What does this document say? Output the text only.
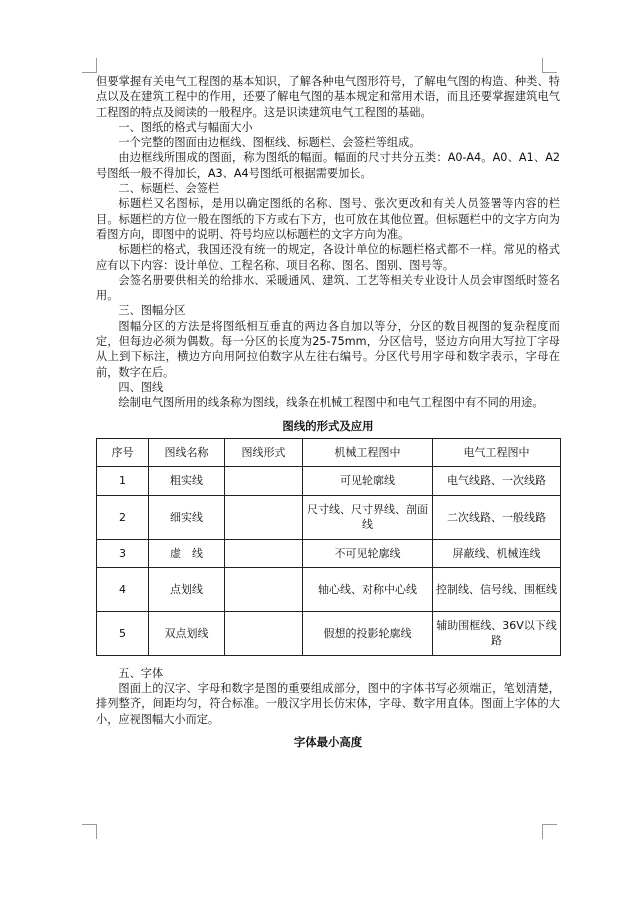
但要掌握有关电气工程图的基本知识，了解各种电气图形符号，了解电气图的构造、种类、特点以及在建筑工程中的作用，还要了解电气图的基本规定和常用术语，而且还要掌握建筑电气工程图的特点及阅读的一般程序。这是识读建筑电气工程图的基础。

一、图纸的格式与幅面大小

一个完整的图面由边框线、图框线、标题栏、会签栏等组成。

由边框线所围成的图面，称为图纸的幅面。幅面的尺寸共分五类：A0-A4。A0、A1、A2号图纸一般不得加长，A3、A4号图纸可根据需要加长。

二、标题栏、会签栏

标题栏又名图标，是用以确定图纸的名称、图号、张次更改和有关人员签署等内容的栏目。标题栏的方位一般在图纸的下方或右下方，也可放在其他位置。但标题栏中的文字方向为看图方向，即图中的说明、符号均应以标题栏的文字方向为准。

标题栏的格式，我国还没有统一的规定，各设计单位的标题栏格式都不一样。常见的格式应有以下内容：设计单位、工程名称、项目名称、图名、图别、图号等。

会签名册要供相关的给排水、采暖通风、建筑、工艺等相关专业设计人员会审图纸时签名用。

三、图幅分区

图幅分区的方法是将图纸相互垂直的两边各自加以等分，分区的数目视图的复杂程度而定，但每边必须为偶数。每一分区的长度为25-75mm，分区信号，竖边方向用大写拉丁字母从上到下标注，横边方向用阿拉伯数字从左往右编号。分区代号用字母和数字表示，字母在前，数字在后。

四、图线

绘制电气图所用的线条称为图线，线条在机械工程图中和电气工程图中有不同的用途。

图线的形式及应用

序号	图线名称	图线形式	机械工程图中	电气工程图中
1	粗实线		可见轮廓线	电气线路、一次线路
2	细实线		尺寸线、尺寸界线、剖面线	二次线路、一般线路
3	虚　线		不可见轮廓线	屏蔽线、机械连线
4	点划线		轴心线、对称中心线	控制线、信号线、围框线
5	双点划线		假想的投影轮廓线	辅助围框线、36V以下线路

五、字体

图面上的汉字、字母和数字是图的重要组成部分，图中的字体书写必须端正，笔划清楚，排列整齐，间距均匀，符合标准。一般汉字用长仿宋体，字母、数字用直体。图面上字体的大小，应视图幅大小而定。

字体最小高度
